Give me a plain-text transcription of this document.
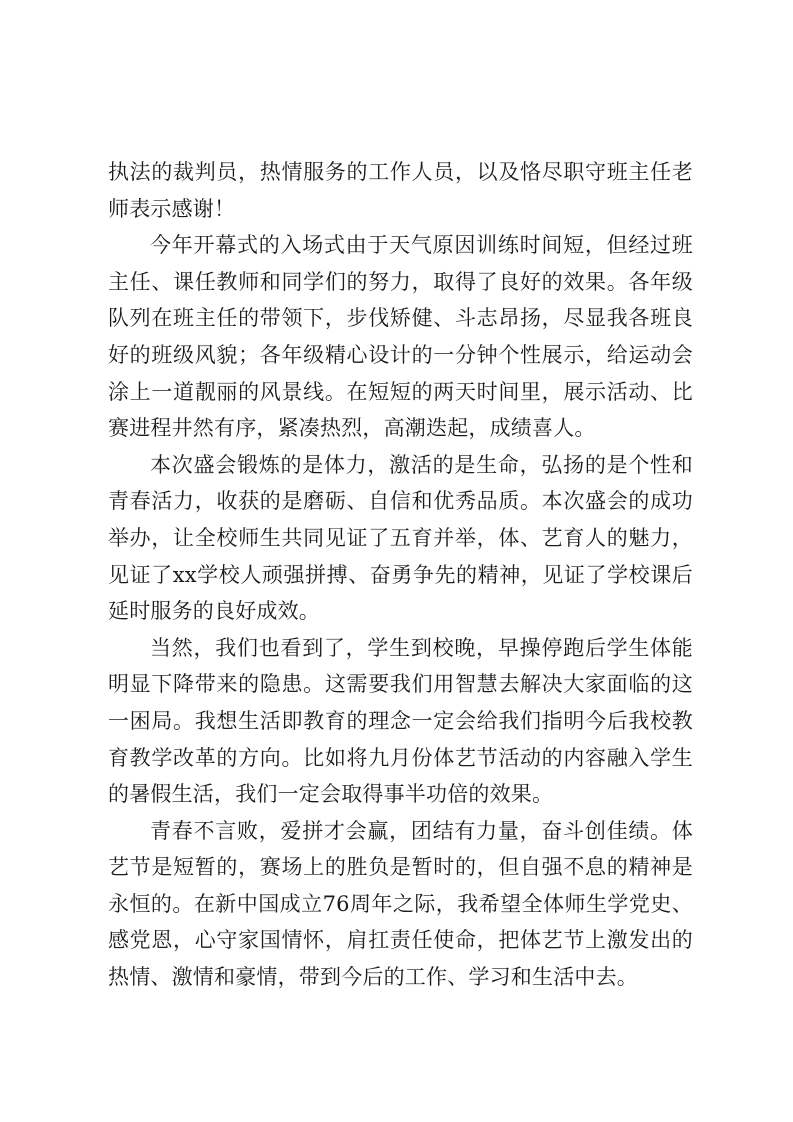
执法的裁判员，热情服务的工作人员，以及恪尽职守班主任老师表示感谢！

今年开幕式的入场式由于天气原因训练时间短，但经过班主任、课任教师和同学们的努力，取得了良好的效果。各年级队列在班主任的带领下，步伐矫健、斗志昂扬，尽显我各班良好的班级风貌；各年级精心设计的一分钟个性展示，给运动会涂上一道靓丽的风景线。在短短的两天时间里，展示活动、比赛进程井然有序，紧凑热烈，高潮迭起，成绩喜人。

本次盛会锻炼的是体力，激活的是生命，弘扬的是个性和青春活力，收获的是磨砺、自信和优秀品质。本次盛会的成功举办，让全校师生共同见证了五育并举，体、艺育人的魅力，见证了xx学校人顽强拼搏、奋勇争先的精神，见证了学校课后延时服务的良好成效。

当然，我们也看到了，学生到校晚，早操停跑后学生体能明显下降带来的隐患。这需要我们用智慧去解决大家面临的这一困局。我想生活即教育的理念一定会给我们指明今后我校教育教学改革的方向。比如将九月份体艺节活动的内容融入学生的暑假生活，我们一定会取得事半功倍的效果。

青春不言败，爱拼才会赢，团结有力量，奋斗创佳绩。体艺节是短暂的，赛场上的胜负是暂时的，但自强不息的精神是永恒的。在新中国成立76周年之际，我希望全体师生学党史、感党恩，心守家国情怀，肩扛责任使命，把体艺节上激发出的热情、激情和豪情，带到今后的工作、学习和生活中去。
